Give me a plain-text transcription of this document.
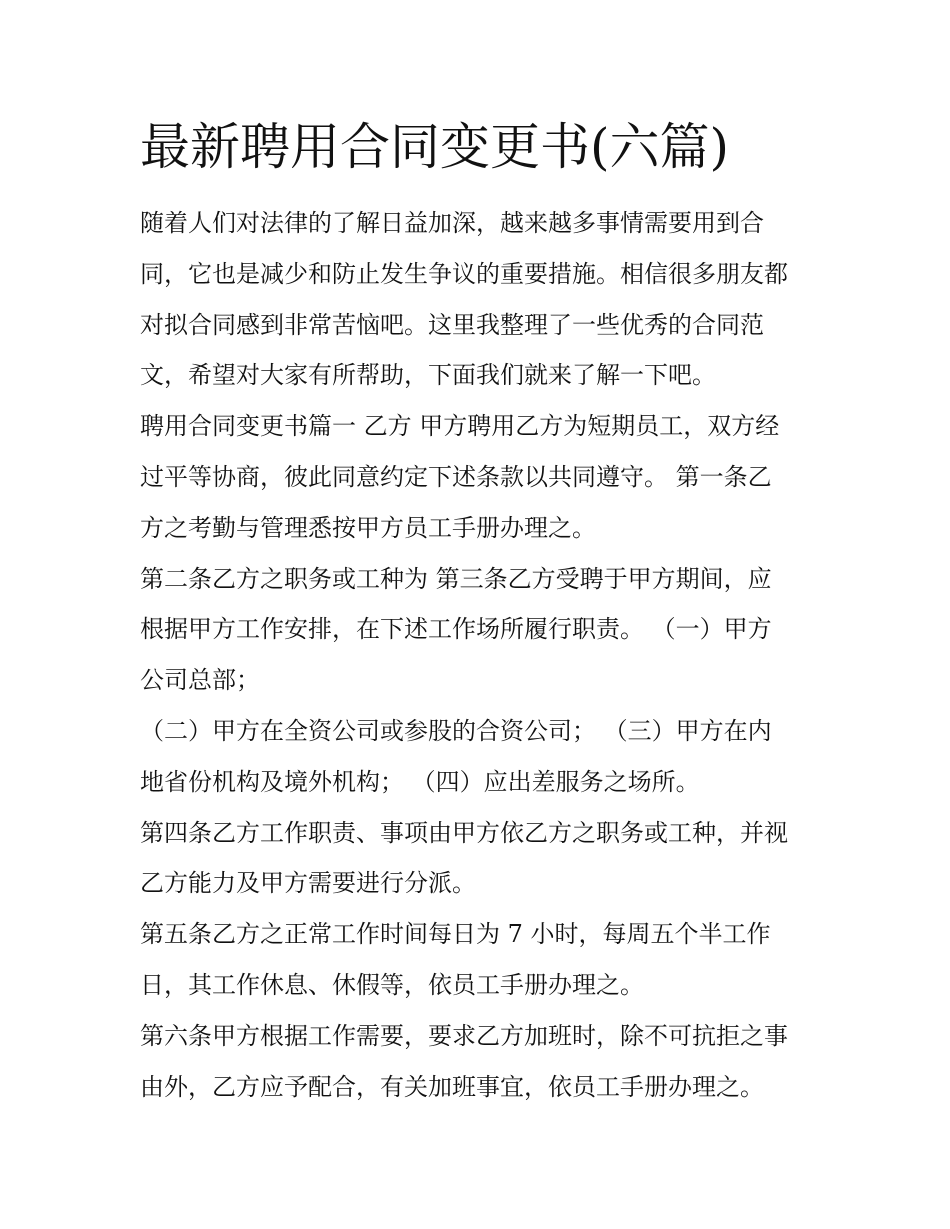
最新聘用合同变更书(六篇)
随着人们对法律的了解日益加深，越来越多事情需要用到合
同，它也是减少和防止发生争议的重要措施。相信很多朋友都
对拟合同感到非常苦恼吧。这里我整理了一些优秀的合同范
文，希望对大家有所帮助，下面我们就来了解一下吧。
聘用合同变更书篇一 乙方 甲方聘用乙方为短期员工，双方经
过平等协商，彼此同意约定下述条款以共同遵守。 第一条乙
方之考勤与管理悉按甲方员工手册办理之。
第二条乙方之职务或工种为 第三条乙方受聘于甲方期间，应
根据甲方工作安排，在下述工作场所履行职责。 （一）甲方
公司总部；
（二）甲方在全资公司或参股的合资公司； （三）甲方在内
地省份机构及境外机构； （四）应出差服务之场所。
第四条乙方工作职责、事项由甲方依乙方之职务或工种，并视
乙方能力及甲方需要进行分派。
第五条乙方之正常工作时间每日为 7 小时，每周五个半工作
日，其工作休息、休假等，依员工手册办理之。
第六条甲方根据工作需要，要求乙方加班时，除不可抗拒之事
由外，乙方应予配合，有关加班事宜，依员工手册办理之。
